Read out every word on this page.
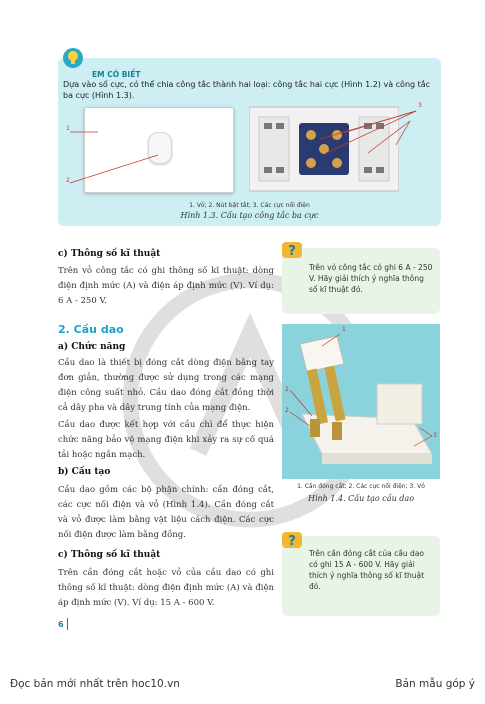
EM CÓ BIẾT
Dựa vào số cực, có thể chia công tắc thành hai loại: công tắc hai cực (Hình 1.2) và công tắc ba cực (Hình 1.3).
1
2
3
1. Vỏ; 2. Nút bật tắt; 3. Các cực nối điện
Hình 1.3. Cấu tạo công tắc ba cực
c) Thông số kĩ thuật
Trên vỏ công tắc có ghi thông số kĩ thuật: dòng điện định mức (A) và điện áp định mức (V). Ví dụ: 6 A - 250 V.
?
Trên vỏ công tắc có ghi 6 A - 250 V. Hãy giải thích ý nghĩa thông số kĩ thuật đó.
2. Cầu dao
a) Chức năng
Cầu dao là thiết bị đóng cắt dòng điện bằng tay đơn giản, thường được sử dụng trong các mạng điện công suất nhỏ. Cầu dao đóng cắt đồng thời cả dây pha và dây trung tính của mạng điện.
Cầu dao được kết hợp với cầu chì để thực hiện chức năng bảo vệ mạng điện khi xảy ra sự cố quá tải hoặc ngắn mạch.
b) Cấu tạo
Cầu dao gồm các bộ phận chính: cần đóng cắt, các cực nối điện và vỏ (Hình 1.4). Cần đóng cắt và vỏ được làm bằng vật liệu cách điện. Các cực nối điện được làm bằng đồng.
c) Thông số kĩ thuật
Trên cần đóng cắt hoặc vỏ của cầu dao có ghi thông số kĩ thuật: dòng điện định mức (A) và điện áp định mức (V). Ví dụ: 15 A - 600 V.
1
2
2
3
1. Cần đóng cắt; 2. Các cực nối điện; 3. Vỏ
Hình 1.4. Cấu tạo cầu dao
?
Trên cần đóng cắt của cầu dao có ghi 15 A - 600 V. Hãy giải thích ý nghĩa thông số kĩ thuật đó.
6
Đọc bản mới nhất trên hoc10.vn	Bản mẫu góp ý
